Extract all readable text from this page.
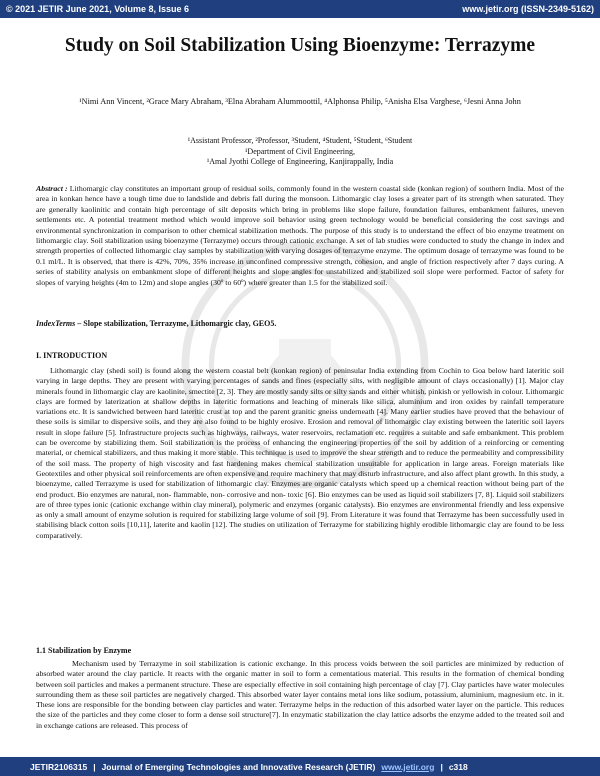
© 2021 JETIR June 2021, Volume 8, Issue 6	www.jetir.org (ISSN-2349-5162)
Study on Soil Stabilization Using Bioenzyme: Terrazyme
¹Nimi Ann Vincent, ²Grace Mary Abraham, ³Elna Abraham Alummoottil, ⁴Alphonsa Philip, ⁵Anisha Elsa Varghese, ⁶Jesni Anna John
¹Assistant Professor, ²Professor, ³Student, ⁴Student, ⁵Student, ⁶Student
¹Department of Civil Engineering,
¹Amal Jyothi College of Engineering, Kanjirappally, India
Abstract : Lithomargic clay constitutes an important group of residual soils, commonly found in the western coastal side (konkan region) of southern India. Most of the area in konkan hence have a tough time due to landslide and debris fall during the monsoon. Lithomargic clay loses a greater part of its strength when saturated. They are generally kaolinitic and contain high percentage of silt deposits which bring in problems like slope failure, foundation failures, embankment failures, uneven settlements etc. A potential treatment method which would improve soil behavior using green technology would be beneficial considering the cost savings and environmental synchronization in comparison to other chemical stabilization methods. The purpose of this study is to understand the effect of bio enzyme treatment on lithomargic clay. Soil stabilization using bioenzyme (Terrazyme) occurs through cationic exchange. A set of lab studies were conducted to study the change in index and strength properties of collected lithomargic clay samples by stabilization with varying dosages of terrazyme enzyme. The optimum dosage of terrazyme was found to be 0.1 ml/L. It is observed, that there is 42%, 70%, 35% increase in unconfined compressive strength, cohesion, and angle of friction respectively after 7 days curing. A series of stability analysis on embankment slope of different heights and slope angles for unstabilized and stabilized soil slope were performed. Factor of safety for slopes of varying heights (4m to 12m) and slope angles (30º to 60º) where greater than 1.5 for the stabilized soil.
IndexTerms – Slope stabilization, Terrazyme, Lithomargic clay, GEO5.
I. INTRODUCTION
Lithomargic clay (shedi soil) is found along the western coastal belt (konkan region) of peninsular India extending from Cochin to Goa below hard lateritic soil varying in large depths. They are present with varying percentages of sands and fines (especially silts, with negligible amount of clays occasionally) [1]. Major clay minerals found in lithomargic clay are kaolinite, smectite [2, 3]. They are mostly sandy silts or silty sands and either whitish, pinkish or yellowish in colour. Lithomargic clays are formed by laterization at shallow depths in lateritic formations and leaching of minerals like silica, aluminium and iron oxides by rainfall temperature variations etc. It is sandwiched between hard lateritic crust at top and the parent granitic gneiss underneath [4]. Many earlier studies have proved that the behaviour of these soils is similar to dispersive soils, and they are also found to be highly erosive. Erosion and removal of lithomargic clay existing between the lateritic soil layers result in slope failure [5]. Infrastructure projects such as highways, railways, water reservoirs, reclamation etc. requires a suitable and safe embankment. This problem can be overcome by stabilizing them. Soil stabilization is the process of enhancing the engineering properties of the soil by addition of a reinforcing or cementing material, or chemical stabilizers, and thus making it more stable. This technique is used to improve the shear strength and to reduce the permeability and compressibility of the soil mass. The property of high viscosity and fast hardening makes chemical stabilization unsuitable for application in large areas. Foreign materials like Geotextiles and other physical soil reinforcements are often expensive and require machinery that may disturb infrastructure, and also affect plant growth. In this study, a bioenzyme, called Terrazyme is used for stabilization of lithomargic clay. Enzymes are organic catalysts which speed up a chemical reaction without being part of the end product. Bio enzymes are natural, non- flammable, non- corrosive and non- toxic [6]. Bio enzymes can be used as liquid soil stabilizers [7, 8]. Liquid soil stabilizers are of three types ionic (cationic exchange within clay mineral), polymeric and enzymes (organic catalysts). Bio enzymes are environmental friendly and less expensive as only a small amount of enzyme solution is required for stabilizing large volume of soil [9]. From Literature it was found that Terrazyme has been successfully used in stabilising black cotton soils [10,11], laterite and kaolin [12]. The studies on utilization of Terrazyme for stabilizing highly erodible lithomargic clay are found to be less comparatively.
1.1 Stabilization by Enzyme
Mechanism used by Terrazyme in soil stabilization is cationic exchange. In this process voids between the soil particles are minimized by reduction of absorbed water around the clay particle. It reacts with the organic matter in soil to form a cementatious material. This results in the formation of chemical bonding between soil particles and makes a permanent structure. These are especially effective in soil containing high percentage of clay [7]. Clay particles have water molecules surrounding them as these soil particles are negatively charged. This absorbed water layer contains metal ions like sodium, potassium, aluminium, magnesium etc. in it. These ions are responsible for the bonding between clay particles and water. Terrazyme helps in the reduction of this adsorbed water layer on the particle. This reduces the size of the particles and they come closer to form a dense soil structure[7]. In enzymatic stabilization the clay lattice adsorbs the enzyme added to the treated soil and in exchange cations are released. This process of
JETIR2106315 | Journal of Emerging Technologies and Innovative Research (JETIR) www.jetir.org | c318
